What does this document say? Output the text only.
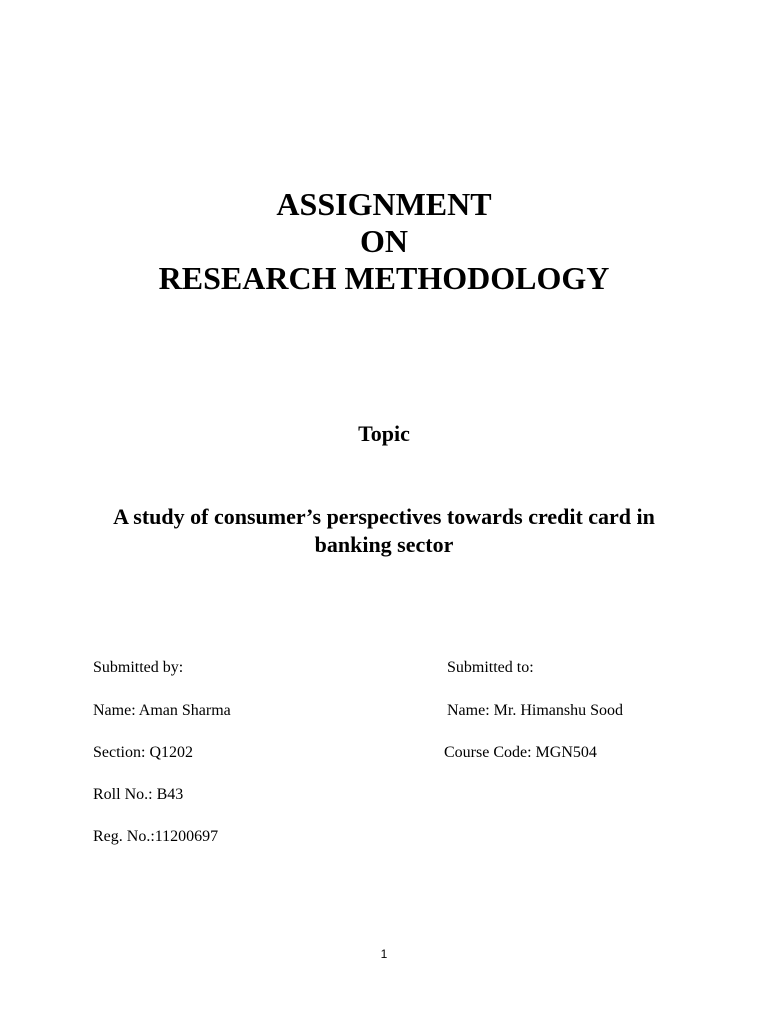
ASSIGNMENT
ON
RESEARCH METHODOLOGY
Topic
A study of consumer’s perspectives towards credit card in banking sector
Submitted by:	Submitted to:
Name: Aman Sharma	Name: Mr. Himanshu Sood
Section: Q1202	Course Code: MGN504
Roll No.: B43
Reg. No.:11200697
1
